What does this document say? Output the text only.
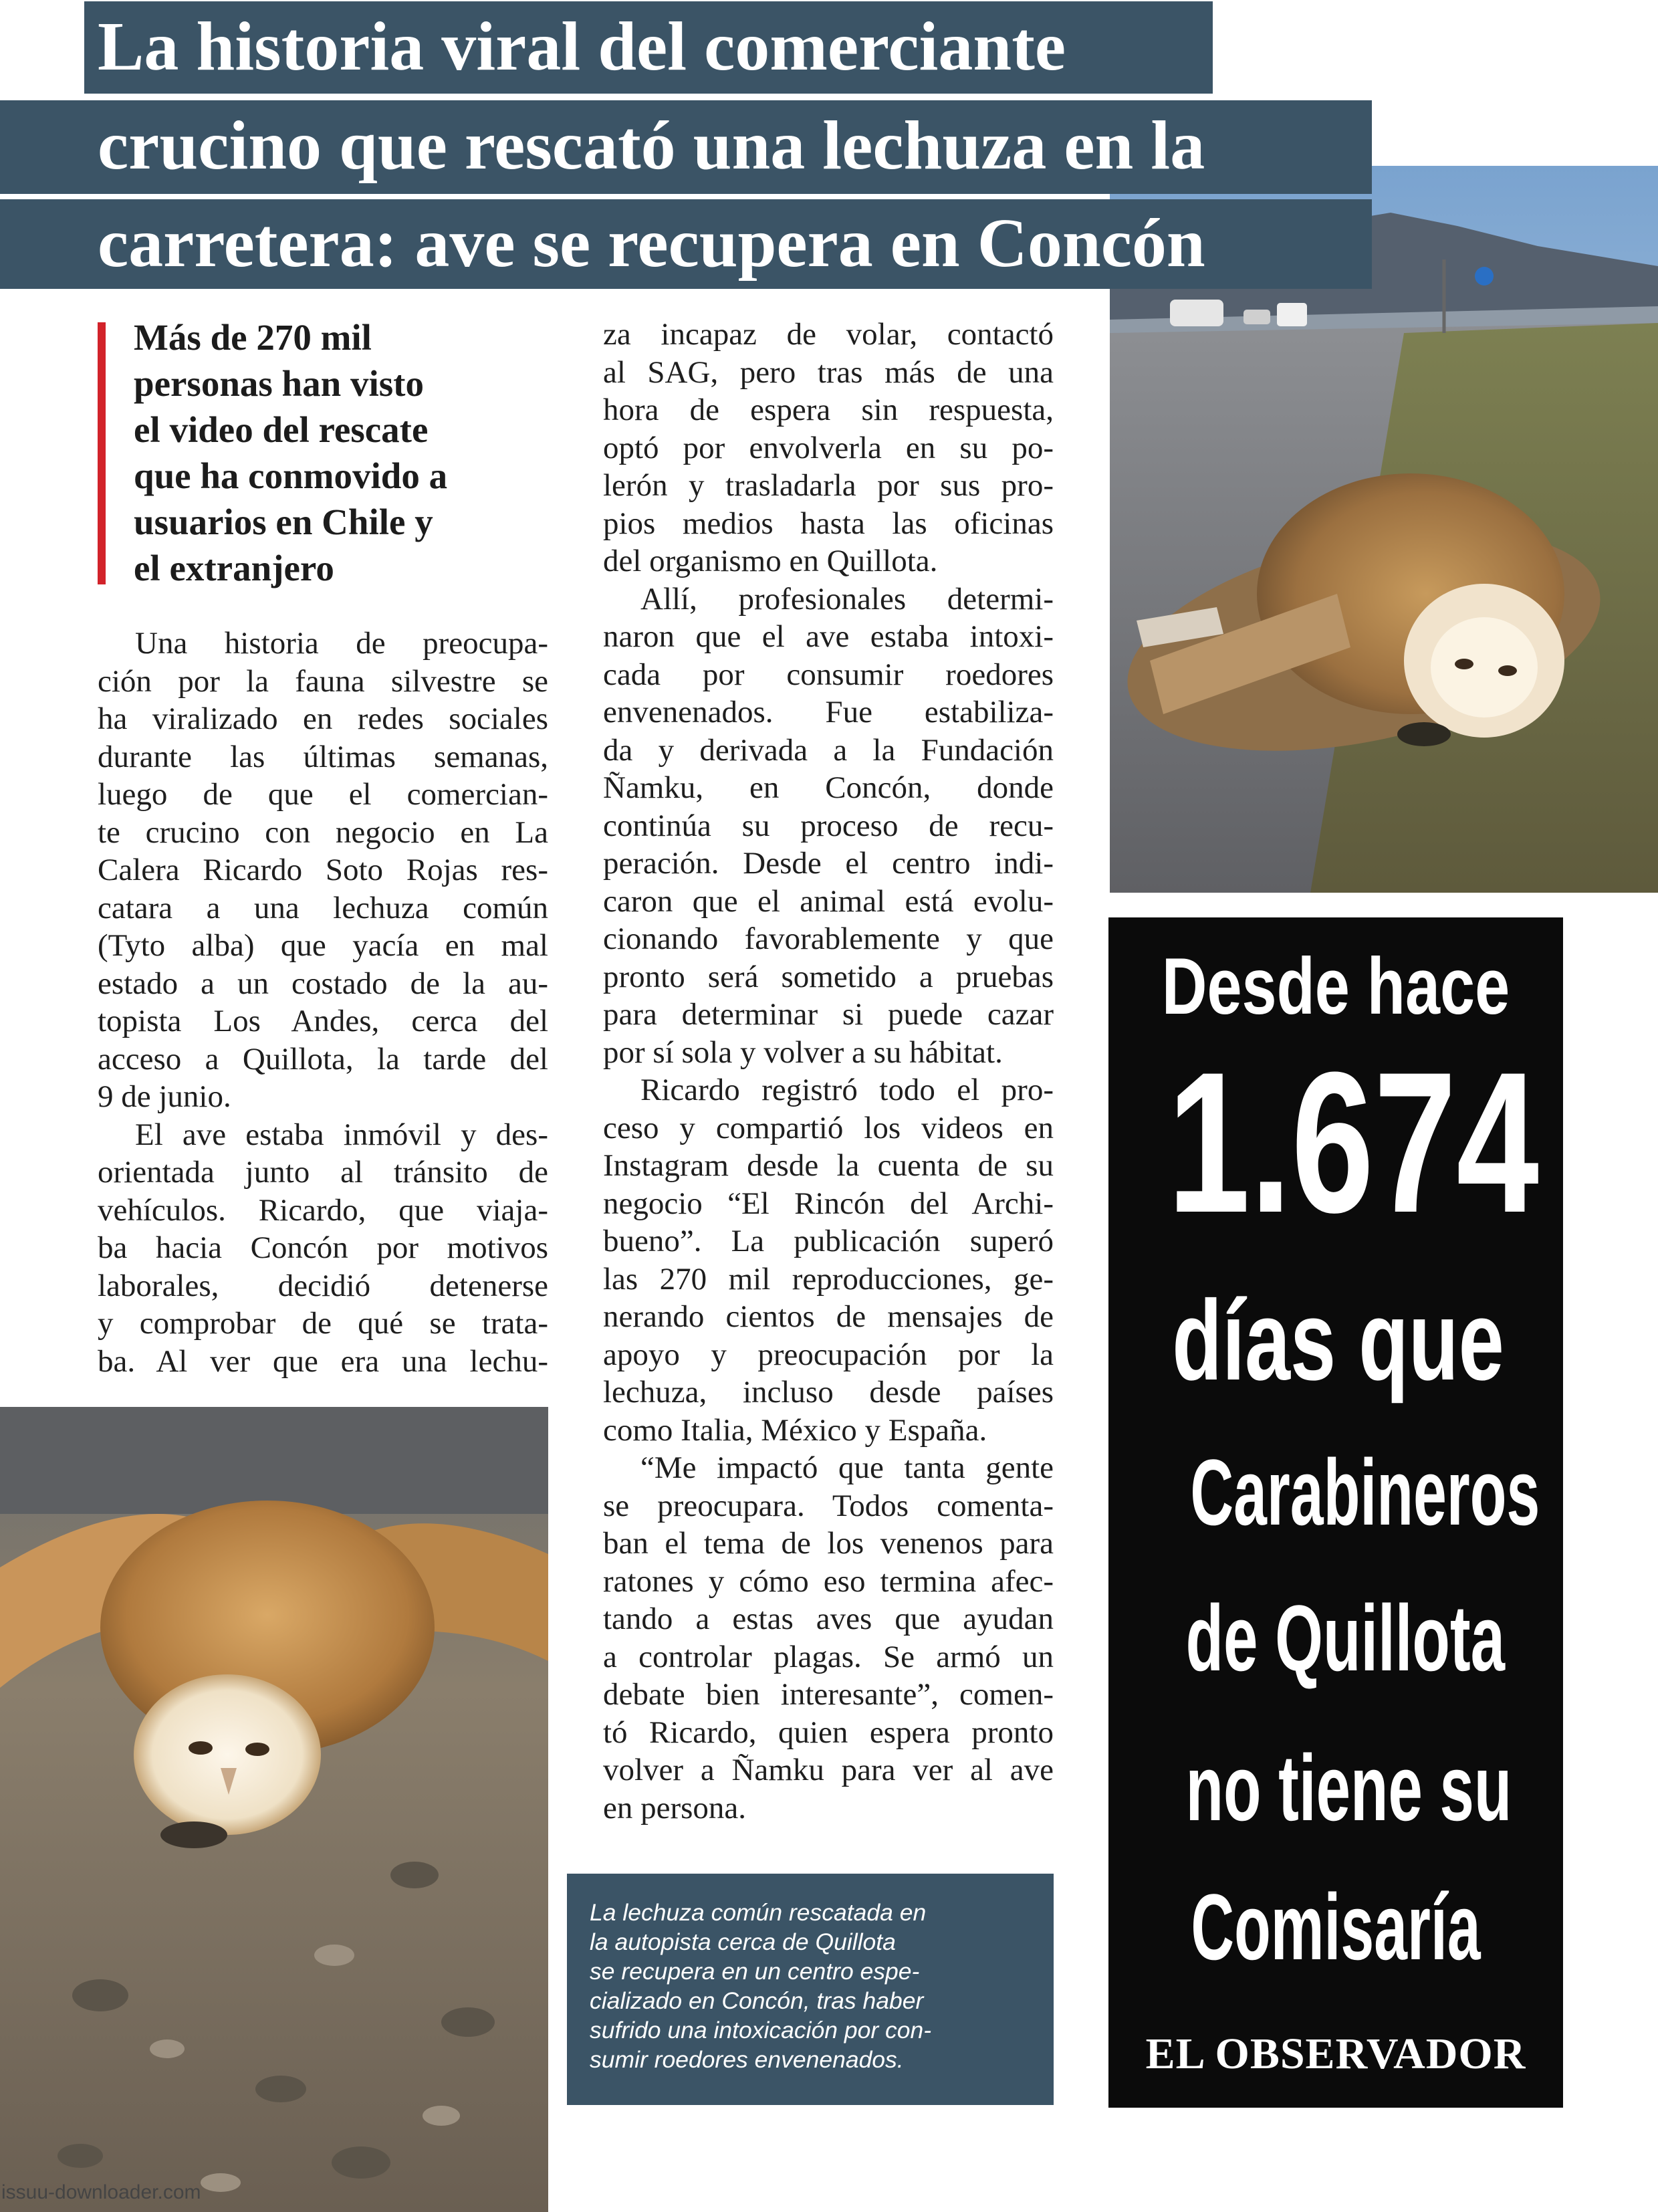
La historia viral del comerciante
crucino que rescató una lechuza en la
carretera: ave se recupera en Concón
Más de 270 mil
personas han visto
el video del rescate
que ha conmovido a
usuarios en Chile y
el extranjero
Una historia de preocupa-
ción por la fauna silvestre se
ha viralizado en redes sociales
durante las últimas semanas,
luego de que el comercian-
te crucino con negocio en La
Calera Ricardo Soto Rojas res-
catara a una lechuza común
(Tyto alba) que yacía en mal
estado a un costado de la au-
topista Los Andes, cerca del
acceso a Quillota, la tarde del
9 de junio.
El ave estaba inmóvil y des-
orientada junto al tránsito de
vehículos. Ricardo, que viaja-
ba hacia Concón por motivos
laborales, decidió detenerse
y comprobar de qué se trata-
ba. Al ver que era una lechu-
za incapaz de volar, contactó
al SAG, pero tras más de una
hora de espera sin respuesta,
optó por envolverla en su po-
lerón y trasladarla por sus pro-
pios medios hasta las oficinas
del organismo en Quillota.
Allí, profesionales determi-
naron que el ave estaba intoxi-
cada por consumir roedores
envenenados. Fue estabiliza-
da y derivada a la Fundación
Ñamku, en Concón, donde
continúa su proceso de recu-
peración. Desde el centro indi-
caron que el animal está evolu-
cionando favorablemente y que
pronto será sometido a pruebas
para determinar si puede cazar
por sí sola y volver a su hábitat.
Ricardo registró todo el pro-
ceso y compartió los videos en
Instagram desde la cuenta de su
negocio “El Rincón del Archi-
bueno”. La publicación superó
las 270 mil reproducciones, ge-
nerando cientos de mensajes de
apoyo y preocupación por la
lechuza, incluso desde países
como Italia, México y España.
“Me impactó que tanta gente
se preocupara. Todos comenta-
ban el tema de los venenos para
ratones y cómo eso termina afec-
tando a estas aves que ayudan
a controlar plagas. Se armó un
debate bien interesante”, comen-
tó Ricardo, quien espera pronto
volver a Ñamku para ver al ave
en persona.
La lechuza común rescatada en
la autopista cerca de Quillota
se recupera en un centro espe-
cializado en Concón, tras haber
sufrido una intoxicación por con-
sumir roedores envenenados.
Desde hace
1.674
días que
Carabineros
de Quillota
no tiene su
Comisaría
EL OBSERVADOR
issuu-downloader.com
